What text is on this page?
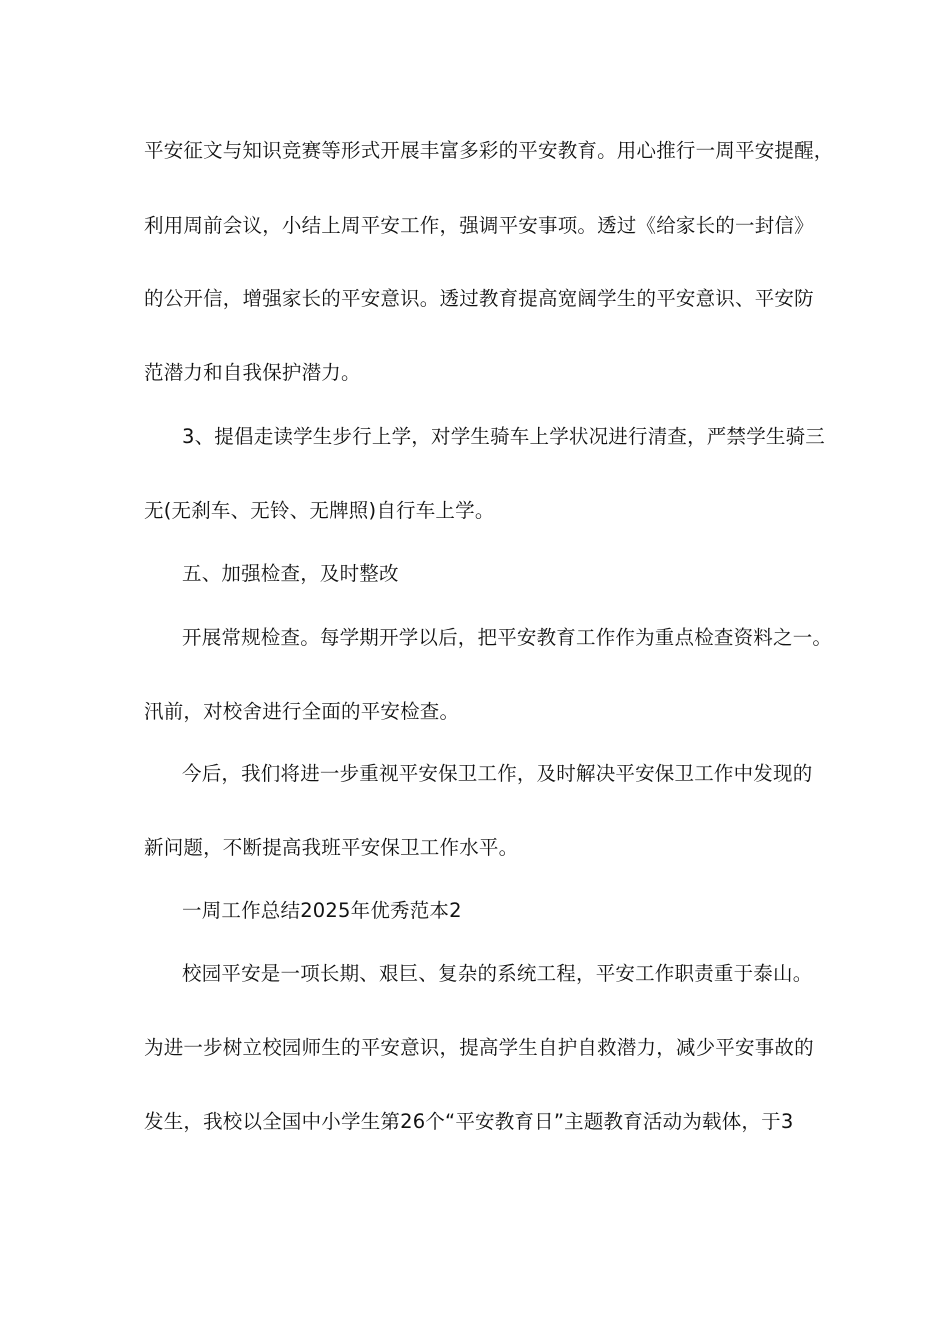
平安征文与知识竞赛等形式开展丰富多彩的平安教育。用心推行一周平安提醒，
利用周前会议，小结上周平安工作，强调平安事项。透过《给家长的一封信》
的公开信，增强家长的平安意识。透过教育提高宽阔学生的平安意识、平安防
范潜力和自我保护潜力。
3、提倡走读学生步行上学，对学生骑车上学状况进行清查，严禁学生骑三
无(无刹车、无铃、无牌照)自行车上学。
五、加强检查，及时整改
开展常规检查。每学期开学以后，把平安教育工作作为重点检查资料之一。
汛前，对校舍进行全面的平安检查。
今后，我们将进一步重视平安保卫工作，及时解决平安保卫工作中发现的
新问题，不断提高我班平安保卫工作水平。
一周工作总结2025年优秀范本2
校园平安是一项长期、艰巨、复杂的系统工程，平安工作职责重于泰山。
为进一步树立校园师生的平安意识，提高学生自护自救潜力，减少平安事故的
发生，我校以全国中小学生第26个“平安教育日”主题教育活动为载体，于3
